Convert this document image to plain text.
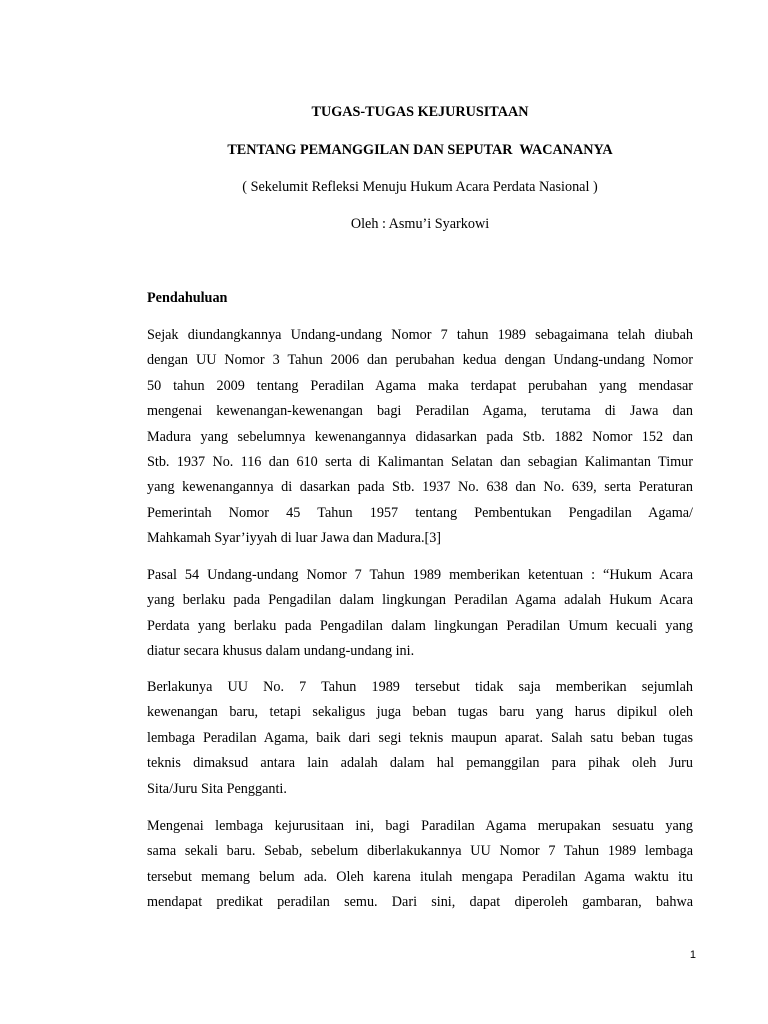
TUGAS-TUGAS KEJURUSITAAN

TENTANG PEMANGGILAN DAN SEPUTAR  WACANANYA

( Sekelumit Refleksi Menuju Hukum Acara Perdata Nasional )

Oleh : Asmu’i Syarkowi

Pendahuluan
Sejak diundangkannya Undang-undang Nomor 7 tahun 1989 sebagaimana telah diubah
dengan UU Nomor 3 Tahun 2006 dan perubahan kedua dengan Undang-undang Nomor
50 tahun 2009 tentang Peradilan Agama maka terdapat perubahan yang mendasar
mengenai kewenangan-kewenangan bagi Peradilan Agama, terutama di Jawa dan
Madura yang sebelumnya kewenangannya didasarkan pada Stb. 1882 Nomor 152 dan
Stb. 1937 No. 116 dan 610 serta di Kalimantan Selatan dan sebagian Kalimantan Timur
yang kewenangannya di dasarkan pada Stb. 1937 No. 638 dan No. 639, serta Peraturan
Pemerintah Nomor 45 Tahun 1957 tentang Pembentukan Pengadilan Agama/
Mahkamah Syar’iyyah di luar Jawa dan Madura.[3]
Pasal 54 Undang-undang Nomor 7 Tahun 1989 memberikan ketentuan : “Hukum Acara
yang berlaku pada Pengadilan dalam lingkungan Peradilan Agama adalah Hukum Acara
Perdata yang berlaku pada Pengadilan dalam lingkungan Peradilan Umum kecuali yang
diatur secara khusus dalam undang-undang ini.
Berlakunya UU No. 7 Tahun 1989 tersebut tidak saja memberikan sejumlah
kewenangan baru, tetapi sekaligus juga beban tugas baru yang harus dipikul oleh
lembaga Peradilan Agama, baik dari segi teknis maupun aparat. Salah satu beban tugas
teknis dimaksud antara lain adalah dalam hal pemanggilan para pihak oleh Juru
Sita/Juru Sita Pengganti.
Mengenai lembaga kejurusitaan ini, bagi Paradilan Agama merupakan sesuatu yang
sama sekali baru. Sebab, sebelum diberlakukannya UU Nomor 7 Tahun 1989 lembaga
tersebut memang belum ada. Oleh karena itulah mengapa Peradilan Agama waktu itu
mendapat predikat peradilan semu. Dari sini, dapat diperoleh gambaran, bahwa
1
